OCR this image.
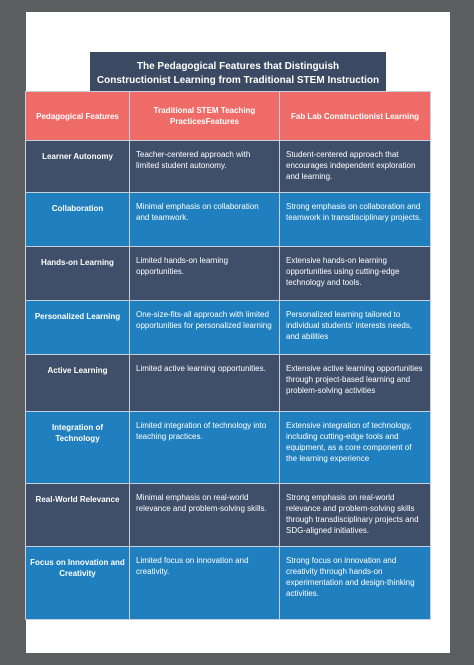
The Pedagogical Features that Distinguish
Constructionist Learning from Traditional STEM Instruction
Pedagogical Features	Traditional STEM Teaching PracticesFeatures	Fab Lab Constructionist Learning
Learner Autonomy	Teacher-centered approach with limited student autonomy.	Student-centered approach that encourages independent exploration and learning.
Collaboration	Minimal emphasis on collaboration and teamwork.	Strong emphasis on collaboration and teamwork in transdisciplinary projects.
Hands-on Learning	Limited hands-on learning opportunities.	Extensive hands-on learning opportunities using cutting-edge technology and tools.
Personalized Learning	One-size-fits-all approach with limited opportunities for personalized learning	Personalized learning tailored to individual students' interests needs, and abilities
Active Learning	Limited active learning opportunities.	Extensive active learning opportunities through project-based learning and problem-solving activities
Integration of Technology	Limited integration of technology into teaching practices.	Extensive integration of technology, including cutting-edge tools and equipment, as a core component of the learning experience
Real-World Relevance	Minimal emphasis on real-world relevance and problem-solving skills.	Strong emphasis on real-world relevance and problem-solving skills through transdisciplinary projects and SDG-aligned initiatives.
Focus on Innovation and Creativity	Limited focus on innovation and creativity.	Strong focus on innovation and creativity through hands-on experimentation and design-thinking activities.
